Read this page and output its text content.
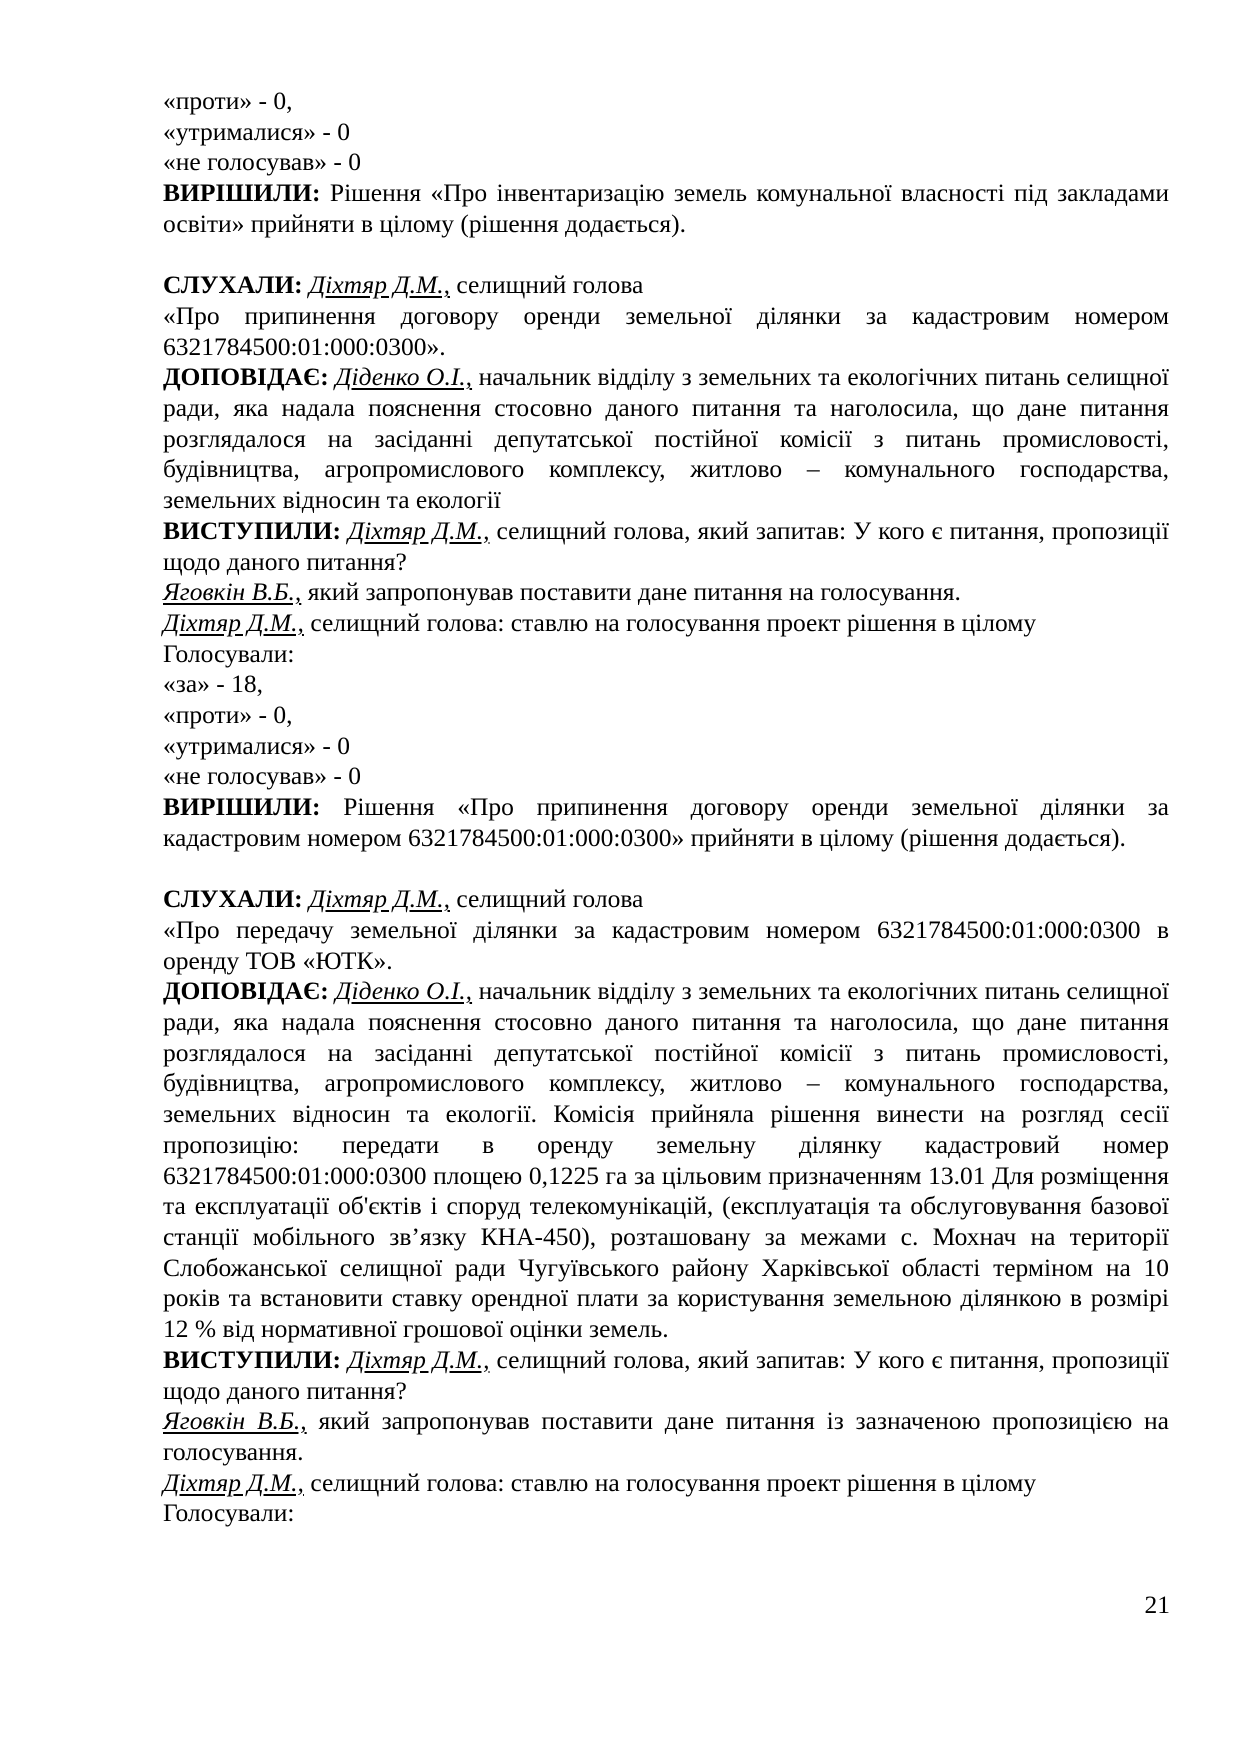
«проти» - 0,

«утрималися» - 0

«не голосував» - 0

ВИРІШИЛИ: Рішення «Про інвентаризацію земель комунальної власності під закладами освіти» прийняти в цілому (рішення додається).

СЛУХАЛИ: Діхтяр Д.М., селищний голова

«Про припинення договору оренди земельної ділянки за кадастровим номером 6321784500:01:000:0300».

ДОПОВІДАЄ: Діденко О.І., начальник відділу з земельних та екологічних питань селищної ради, яка надала пояснення стосовно даного питання та наголосила, що дане питання розглядалося на засіданні депутатської постійної комісії з питань промисловості, будівництва, агропромислового комплексу, житлово – комунального господарства, земельних відносин та екології

ВИСТУПИЛИ: Діхтяр Д.М., селищний голова, який запитав: У кого є питання, пропозиції щодо даного питання?

Яговкін В.Б., який запропонував поставити дане питання на голосування.

Діхтяр Д.М., селищний голова: ставлю на голосування проект рішення в цілому

Голосували:

«за» - 18,

«проти» - 0,

«утрималися» - 0

«не голосував» - 0

ВИРІШИЛИ: Рішення «Про припинення договору оренди земельної ділянки за кадастровим номером 6321784500:01:000:0300» прийняти в цілому (рішення додається).

СЛУХАЛИ: Діхтяр Д.М., селищний голова

«Про передачу земельної ділянки за кадастровим номером 6321784500:01:000:0300 в оренду ТОВ «ЮТК».

ДОПОВІДАЄ: Діденко О.І., начальник відділу з земельних та екологічних питань селищної ради, яка надала пояснення стосовно даного питання та наголосила, що дане питання розглядалося на засіданні депутатської постійної комісії з питань промисловості, будівництва, агропромислового комплексу, житлово – комунального господарства, земельних відносин та екології. Комісія прийняла рішення винести на розгляд сесії пропозицію: передати в оренду земельну ділянку кадастровий номер 6321784500:01:000:0300 площею 0,1225 га за цільовим призначенням 13.01 Для розміщення та експлуатації об'єктів і споруд телекомунікацій, (експлуатація та обслуговування базової станції мобільного зв’язку КНА-450), розташовану за межами с. Мохнач на території Слобожанської селищної ради Чугуївського району Харківської області терміном на 10 років та встановити ставку орендної плати за користування земельною ділянкою в розмірі 12 % від нормативної грошової оцінки земель.

ВИСТУПИЛИ: Діхтяр Д.М., селищний голова, який запитав: У кого є питання, пропозиції щодо даного питання?

Яговкін В.Б., який запропонував поставити дане питання із зазначеною пропозицією на голосування.

Діхтяр Д.М., селищний голова: ставлю на голосування проект рішення в цілому

Голосували:

21
